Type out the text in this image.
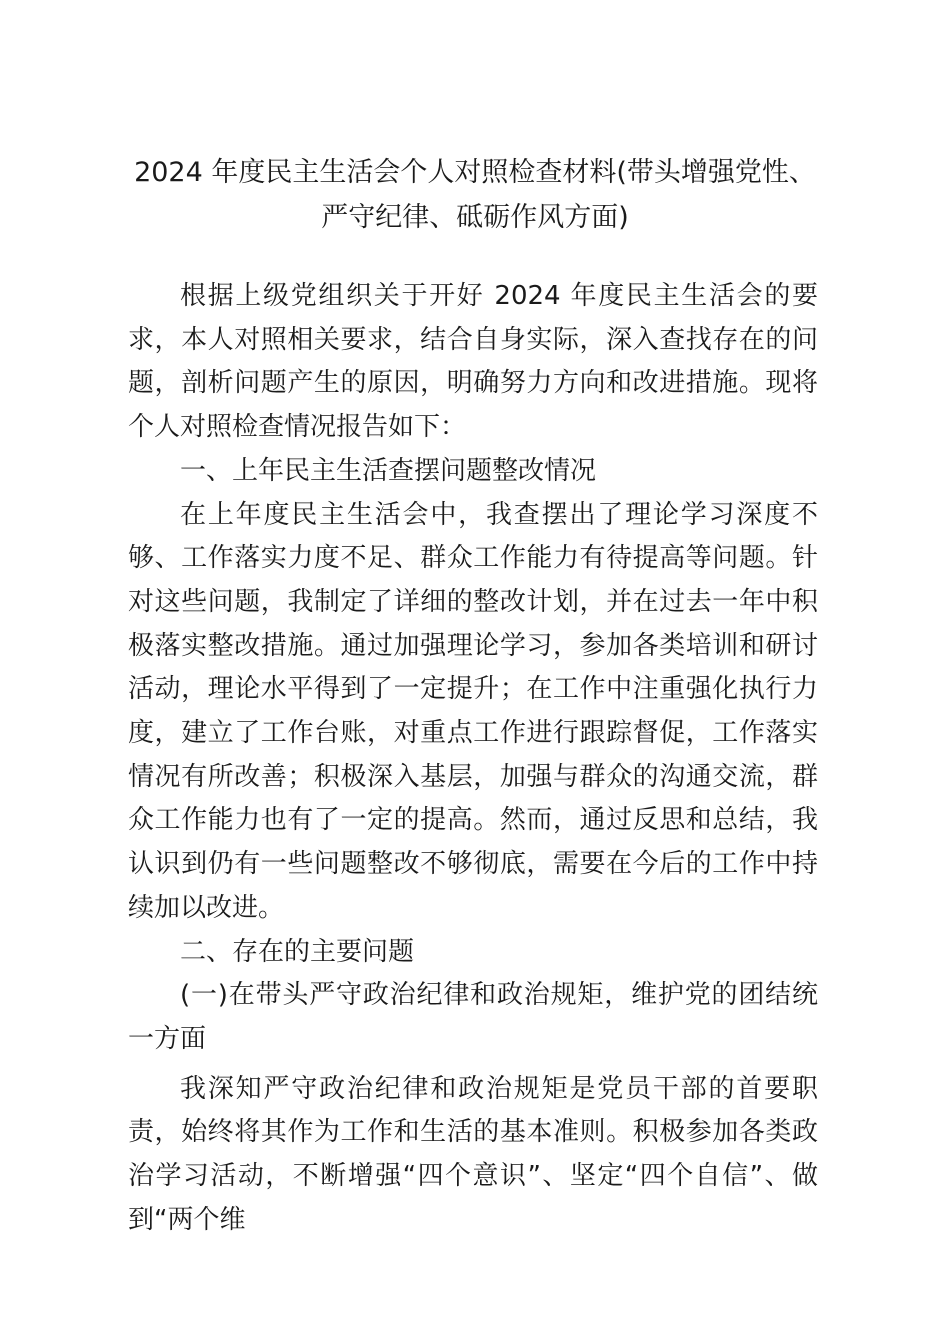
2024 年度民主生活会个人对照检查材料(带头增强党性、严守纪律、砥砺作风方面)

根据上级党组织关于开好 2024 年度民主生活会的要求，本人对照相关要求，结合自身实际，深入查找存在的问题，剖析问题产生的原因，明确努力方向和改进措施。现将个人对照检查情况报告如下：

一、上年民主生活查摆问题整改情况

在上年度民主生活会中，我查摆出了理论学习深度不够、工作落实力度不足、群众工作能力有待提高等问题。针对这些问题，我制定了详细的整改计划，并在过去一年中积极落实整改措施。通过加强理论学习，参加各类培训和研讨活动，理论水平得到了一定提升；在工作中注重强化执行力度，建立了工作台账，对重点工作进行跟踪督促，工作落实情况有所改善；积极深入基层，加强与群众的沟通交流，群众工作能力也有了一定的提高。然而，通过反思和总结，我认识到仍有一些问题整改不够彻底，需要在今后的工作中持续加以改进。

二、存在的主要问题

(一)在带头严守政治纪律和政治规矩，维护党的团结统一方面

我深知严守政治纪律和政治规矩是党员干部的首要职责，始终将其作为工作和生活的基本准则。积极参加各类政治学习活动，不断增强“四个意识”、坚定“四个自信”、做到“两个维
